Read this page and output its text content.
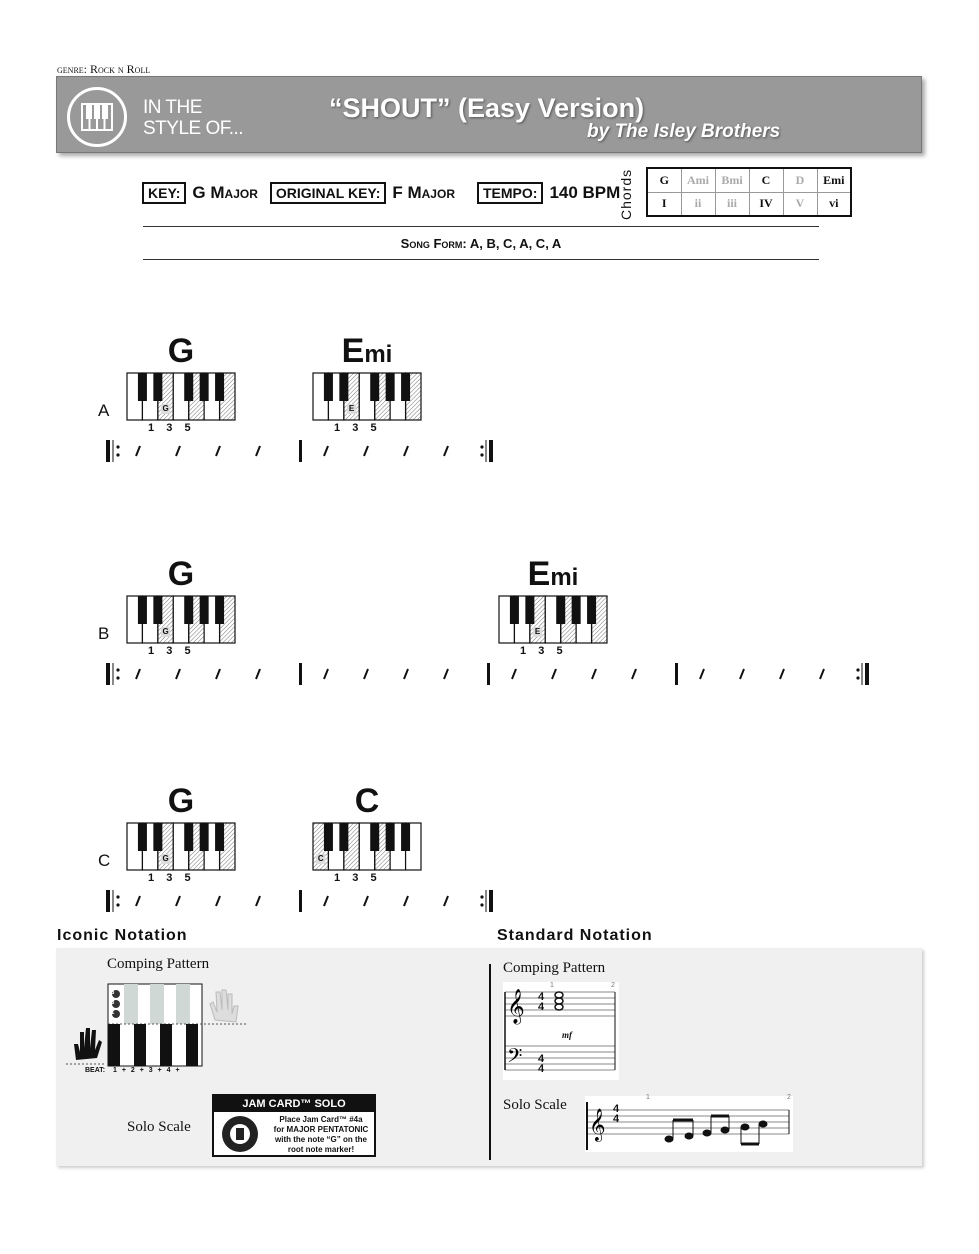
genre: Rock n Roll
IN THE
STYLE OF...
“SHOUT” (Easy Version)
by The Isley Brothers
KEY: G Major	ORIGINAL KEY: F Major	TEMPO: 140 BPM
Chords G	Ami	Bmi	C	D	Emi
I	ii	iii	IV	V	vi
Song Form: A, B, C, A, C, A
A
G
G
1  3  5
Emi
E
1  3  5
B
G
G
1  3  5
Emi
E
1  3  5
C
G
G
1  3  5
C
C
1  3  5
Iconic Notation	Standard Notation
Comping Pattern
5
3
1
BEAT: 1 + 2 + 3 + 4 +
Solo Scale
JAM CARD™ SOLO
Place Jam Card™ #4a
for MAJOR PENTATONIC
with the note “G” on the
root note marker!
Comping Pattern
𝄞
𝄢
4
4
4
4
1	2
mf
Solo Scale
𝄞 4
4
1	2
